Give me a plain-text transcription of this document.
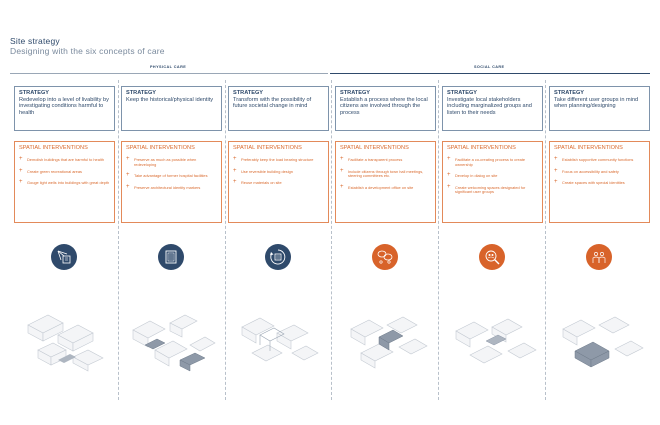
Site strategy
Designing with the six concepts of care
PHYSICAL CARE	SOCIAL CARE
STRATEGY
Redevelop into a level of livability by investigating conditions harmful to health
SPATIAL INTERVENTIONS
+ Demolish buildings that are harmful to health
+ Create green recreational areas
+ Gouge light wells into buildings with great depth
STRATEGY
Keep the historical/physical identity
SPATIAL INTERVENTIONS
+ Preserve as much as possible when redeveloping
+ Take advantage of former hospital facilities
+ Preserve architectural identity markers
STRATEGY
Transform with the possibility of future societal change in mind
SPATIAL INTERVENTIONS
+ Preferably keep the load bearing structure
+ Use reversible building design
+ Reuse materials on site
STRATEGY
Establish a process where the local citizens are involved through the process
SPATIAL INTERVENTIONS
+ Facilitate a transparent process
+ Include citizens through town hall meetings, steering committees etc.
+ Establish a development office on site
STRATEGY
Investigate local stakeholders including marginalized groups and listen to their needs
SPATIAL INTERVENTIONS
+ Facilitate a co-creating process to create ownership
+ Develop in dialog on site
+ Create welcoming spaces designated for significant user groups
STRATEGY
Take different user groups in mind when planning/designing
SPATIAL INTERVENTIONS
+ Establish supportive community functions
+ Focus on accessibility and safety
+ Create spaces with special identities
